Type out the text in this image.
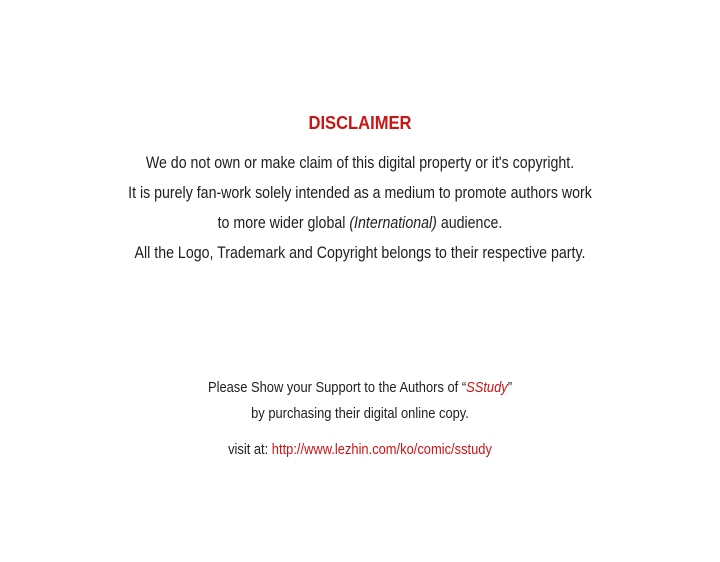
DISCLAIMER
We do not own or make claim of this digital property or it's copyright.
It is purely fan-work solely intended as a medium to promote authors work
to more wider global (International) audience.
All the Logo, Trademark and Copyright belongs to their respective party.
Please Show your Support to the Authors of “SStudy”
by purchasing their digital online copy.
visit at: http://www.lezhin.com/ko/comic/sstudy
